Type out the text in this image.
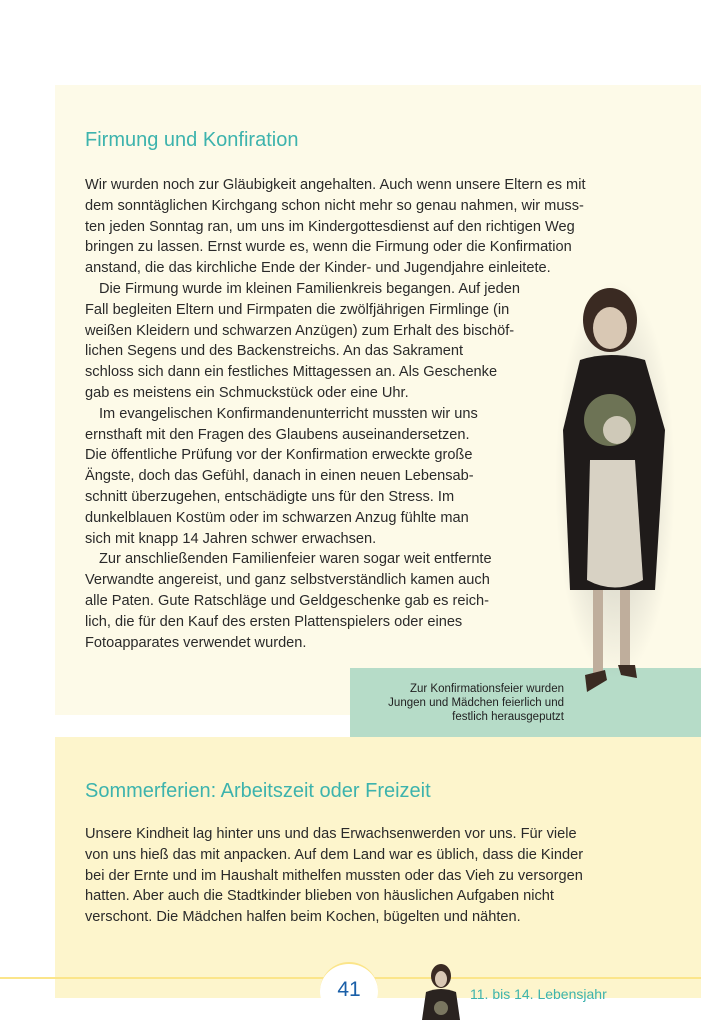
Zur Konfirmationsfeier wurden
Jungen und Mädchen feierlich und
festlich herausgeputzt
Firmung und Konfiration
Wir wurden noch zur Gläubigkeit angehalten. Auch wenn unsere Eltern es mit
dem sonntäglichen Kirchgang schon nicht mehr so genau nahmen, wir muss-
ten jeden Sonntag ran, um uns im Kindergottesdienst auf den richtigen Weg
bringen zu lassen. Ernst wurde es, wenn die Firmung oder die Konfirmation
anstand, die das kirchliche Ende der Kinder- und Jugendjahre einleitete.
Die Firmung wurde im kleinen Familienkreis begangen. Auf jeden
Fall begleiten Eltern und Firmpaten die zwölfjährigen Firmlinge (in
weißen Kleidern und schwarzen Anzügen) zum Erhalt des bischöf-
lichen Segens und des Backenstreichs. An das Sakrament
schloss sich dann ein festliches Mittagessen an. Als Geschenke
gab es meistens ein Schmuckstück oder eine Uhr.
Im evangelischen Konfirmandenunterricht mussten wir uns
ernsthaft mit den Fragen des Glaubens auseinandersetzen.
Die öffentliche Prüfung vor der Konfirmation erweckte große
Ängste, doch das Gefühl, danach in einen neuen Lebensab-
schnitt überzugehen, entschädigte uns für den Stress. Im
dunkelblauen Kostüm oder im schwarzen Anzug fühlte man
sich mit knapp 14 Jahren schwer erwachsen.
Zur anschließenden Familienfeier waren sogar weit entfernte
Verwandte angereist, und ganz selbstverständlich kamen auch
alle Paten. Gute Ratschläge und Geldgeschenke gab es reich-
lich, die für den Kauf des ersten Plattenspielers oder eines
Fotoapparates verwendet wurden.
Sommerferien: Arbeitszeit oder Freizeit
Unsere Kindheit lag hinter uns und das Erwachsenwerden vor uns. Für viele
von uns hieß das mit anpacken. Auf dem Land war es üblich, dass die Kinder
bei der Ernte und im Haushalt mithelfen mussten oder das Vieh zu versorgen
hatten. Aber auch die Stadtkinder blieben von häuslichen Aufgaben nicht
verschont. Die Mädchen halfen beim Kochen, bügelten und nähten.
41	11. bis 14. Lebensjahr
